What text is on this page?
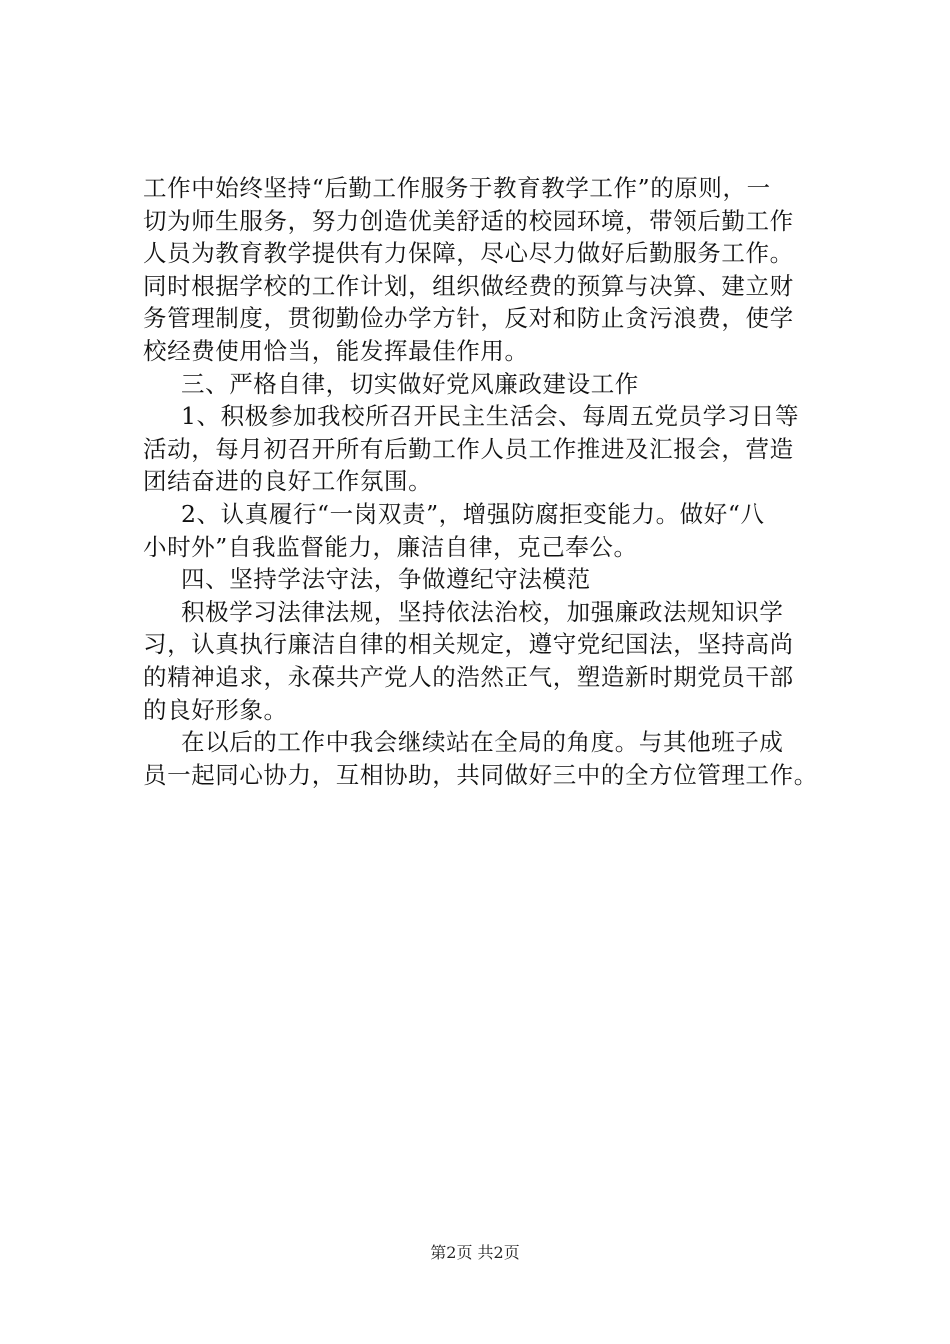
工作中始终坚持“后勤工作服务于教育教学工作”的原则，一
切为师生服务，努力创造优美舒适的校园环境，带领后勤工作
人员为教育教学提供有力保障，尽心尽力做好后勤服务工作。
同时根据学校的工作计划，组织做经费的预算与决算、建立财
务管理制度，贯彻勤俭办学方针，反对和防止贪污浪费，使学
校经费使用恰当，能发挥最佳作用。
三、严格自律，切实做好党风廉政建设工作
1、积极参加我校所召开民主生活会、每周五党员学习日等
活动，每月初召开所有后勤工作人员工作推进及汇报会，营造
团结奋进的良好工作氛围。
2、认真履行“一岗双责”，增强防腐拒变能力。做好“八
小时外”自我监督能力，廉洁自律，克己奉公。
四、坚持学法守法，争做遵纪守法模范
积极学习法律法规，坚持依法治校，加强廉政法规知识学
习，认真执行廉洁自律的相关规定，遵守党纪国法，坚持高尚
的精神追求，永葆共产党人的浩然正气，塑造新时期党员干部
的良好形象。
在以后的工作中我会继续站在全局的角度。与其他班子成
员一起同心协力，互相协助，共同做好三中的全方位管理工作。
第2页 共2页
